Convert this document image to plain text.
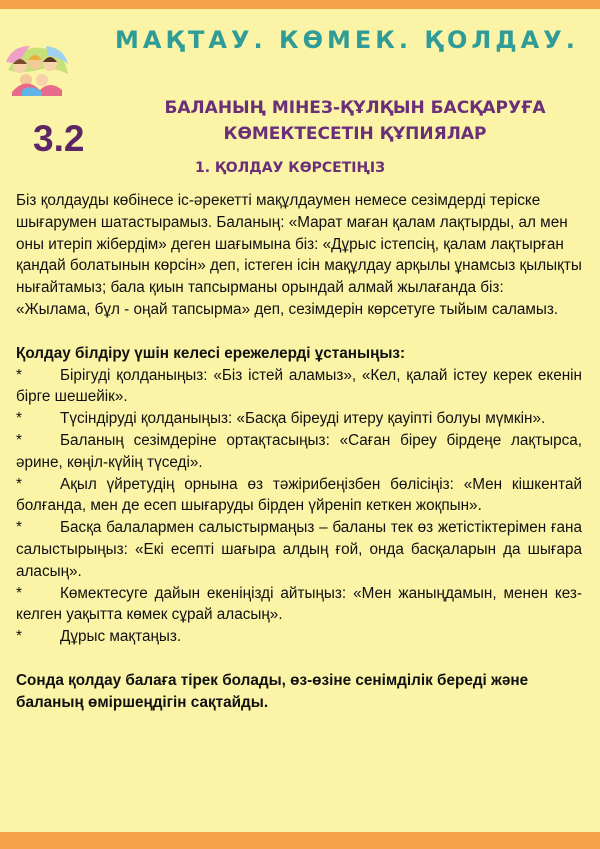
МАҚТАУ. КӨМЕК. ҚОЛДАУ.
3.2
БАЛАНЫҢ МІНЕЗ-ҚҰЛҚЫН БАСҚАРУҒА
КӨМЕКТЕСЕТІН ҚҰПИЯЛАР
1. ҚОЛДАУ КӨРСЕТІҢІЗ

Біз қолдауды көбінесе іс-әрекетті мақұлдаумен немесе сезімдерді теріске шығарумен шатастырамыз. Баланың: «Марат маған қалам лақтырды, ал мен оны итеріп жібердім» деген шағымына біз: «Дұрыс істепсің, қалам лақтырған қандай болатынын көрсін» деп, істеген ісін мақұлдау арқылы ұнамсыз қылықты нығайтамыз; бала қиын тапсырманы орындай алмай жылағанда біз: «Жылама, бұл - оңай тапсырма» деп, сезімдерін көрсетуге тыйым саламыз.

Қолдау білдіру үшін келесі ережелерді ұстаныңыз:

* Бірігуді қолданыңыз: «Біз істей аламыз», «Кел, қалай істеу керек екенін бірге шешейік».

* Түсіндіруді қолданыңыз: «Басқа біреуді итеру қауіпті болуы мүмкін».

* Баланың сезімдеріне ортақтасыңыз: «Саған біреу бірдеңе лақтырса, әрине, көңіл-күйің түседі».

* Ақыл үйретудің орнына өз тәжірибеңізбен бөлісіңіз: «Мен кішкентай болғанда, мен де есеп шығаруды бірден үйреніп кеткен жоқпын».

* Басқа балалармен салыстырмаңыз – баланы тек өз жетістіктерімен ғана салыстырыңыз: «Екі есепті шағыра алдың ғой, онда басқаларын да шығара аласың».

* Көмектесуге дайын екеніңізді айтыңыз: «Мен жаныңдамын, менен кез-келген уақытта көмек сұрай аласың».

* Дұрыс мақтаңыз.

Сонда қолдау балаға тірек болады, өз-өзіне сенімділік береді және баланың өміршеңдігін сақтайды.
